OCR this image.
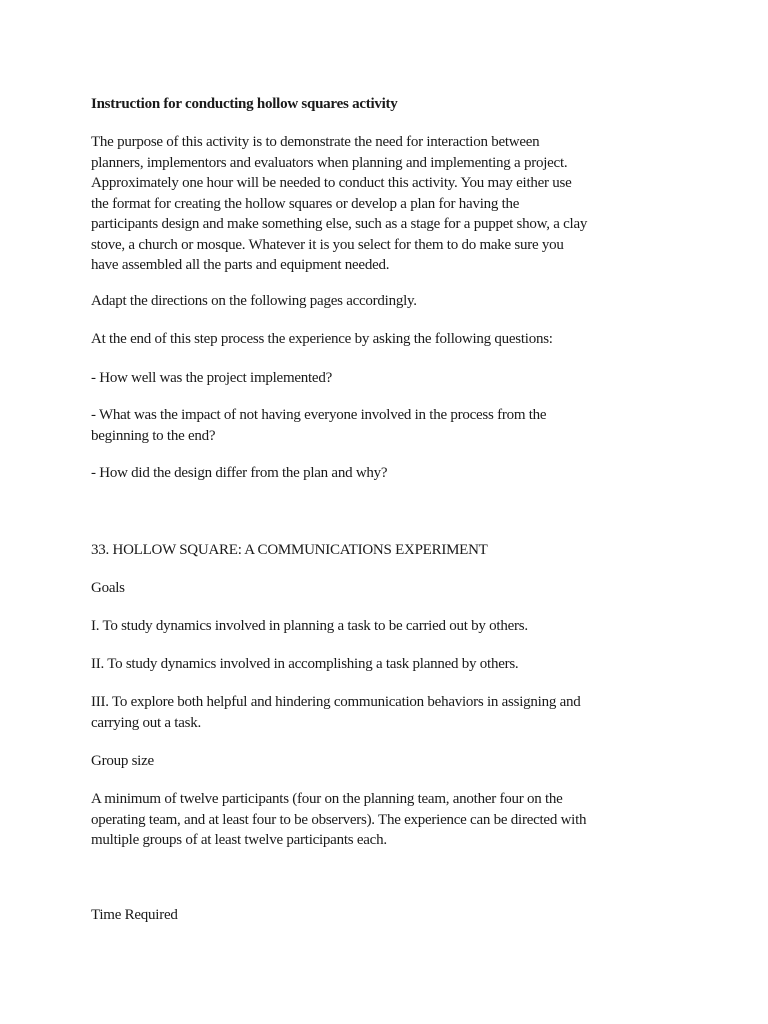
Instruction for conducting hollow squares activity

The purpose of this activity is to demonstrate the need for interaction between
planners, implementors and evaluators when planning and implementing a project.
Approximately one hour will be needed to conduct this activity. You may either use
the format for creating the hollow squares or develop a plan for having the
participants design and make something else, such as a stage for a puppet show, a clay
stove, a church or mosque. Whatever it is you select for them to do make sure you
have assembled all the parts and equipment needed.

Adapt the directions on the following pages accordingly.

At the end of this step process the experience by asking the following questions:

- How well was the project implemented?

- What was the impact of not having everyone involved in the process from the
beginning to the end?

- How did the design differ from the plan and why?

33. HOLLOW SQUARE: A COMMUNICATIONS EXPERIMENT

Goals

I. To study dynamics involved in planning a task to be carried out by others.

II. To study dynamics involved in accomplishing a task planned by others.

III. To explore both helpful and hindering communication behaviors in assigning and
carrying out a task.

Group size

A minimum of twelve participants (four on the planning team, another four on the
operating team, and at least four to be observers). The experience can be directed with
multiple groups of at least twelve participants each.

Time Required
